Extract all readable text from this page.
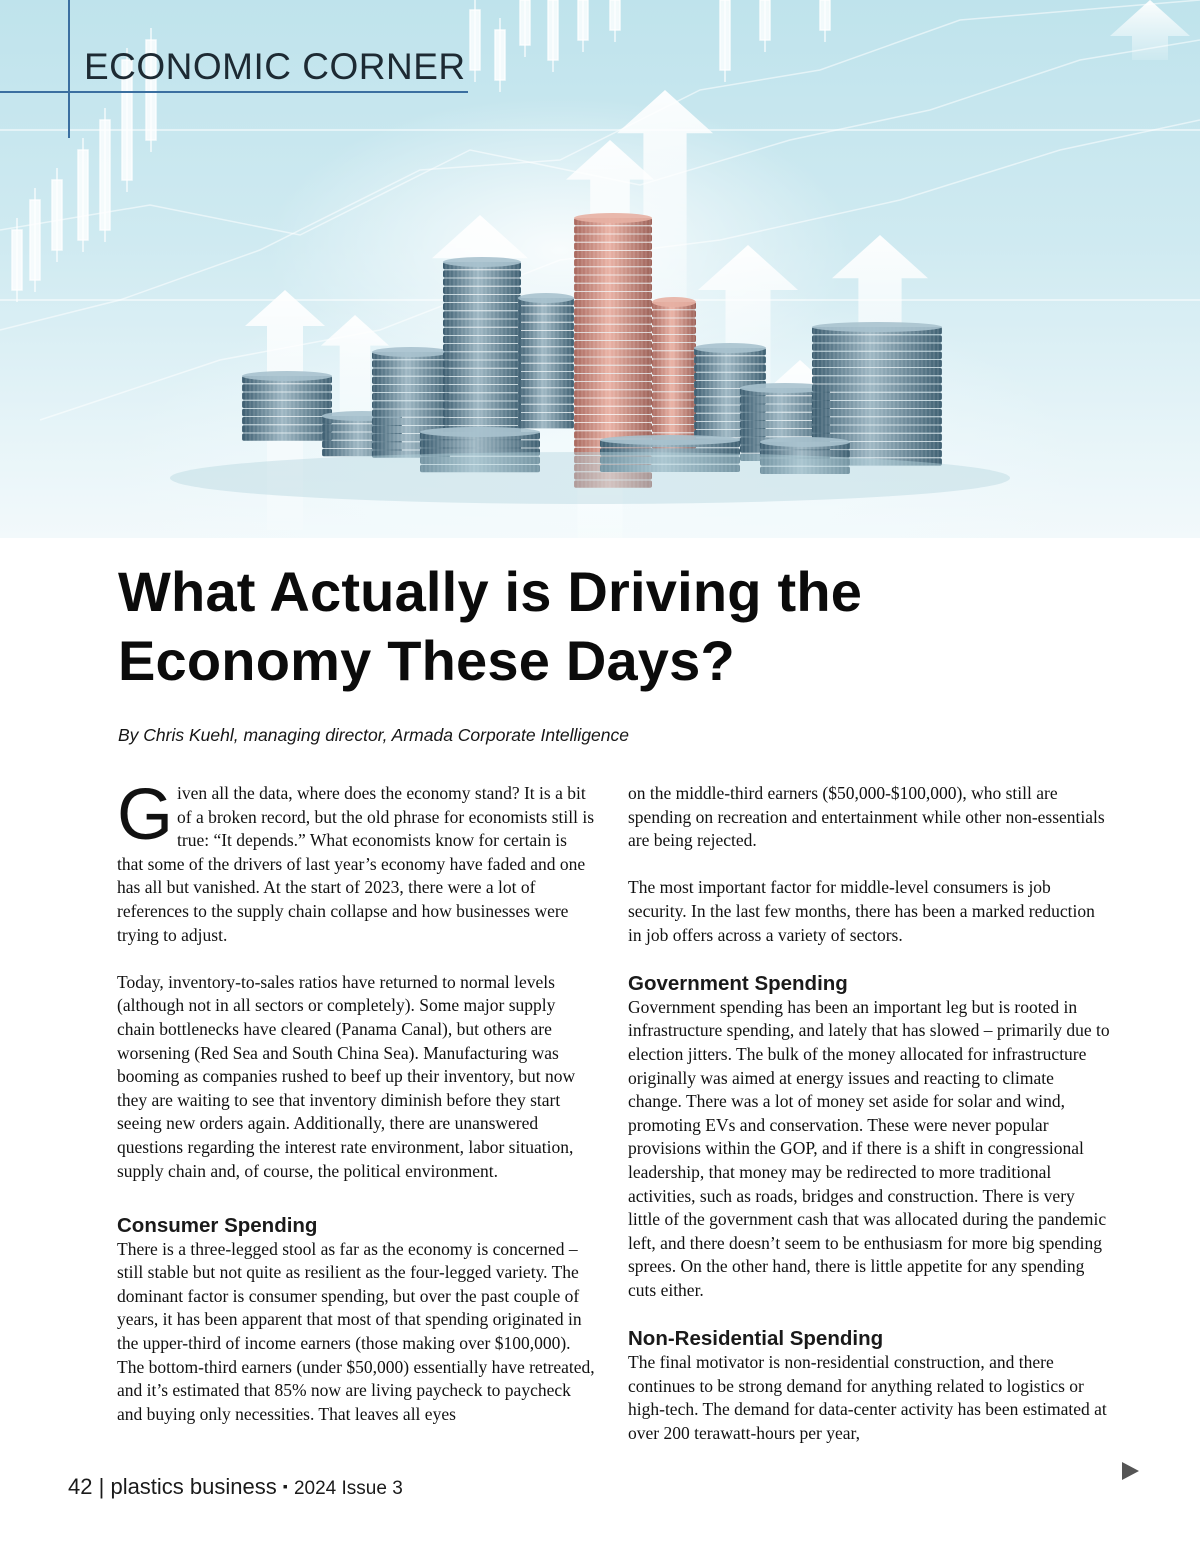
ECONOMIC CORNER
What Actually is Driving the
Economy These Days?

By Chris Kuehl, managing director, Armada Corporate Intelligence

Given all the data, where does the economy stand? It is a bit of a broken record, but the old phrase for economists still is true: “It depends.” What economists know for certain is that some of the drivers of last year’s economy have faded and one has all but vanished. At the start of 2023, there were a lot of references to the supply chain collapse and how businesses were trying to adjust.

Today, inventory-to-sales ratios have returned to normal levels (although not in all sectors or completely). Some major supply chain bottlenecks have cleared (Panama Canal), but others are worsening (Red Sea and South China Sea). Manufacturing was booming as companies rushed to beef up their inventory, but now they are waiting to see that inventory diminish before they start seeing new orders again. Additionally, there are unanswered questions regarding the interest rate environment, labor situation, supply chain and, of course, the political environment.

Consumer Spending

There is a three-legged stool as far as the economy is concerned – still stable but not quite as resilient as the four-legged variety. The dominant factor is consumer spending, but over the past couple of years, it has been apparent that most of that spending originated in the upper-third of income earners (those making over $100,000). The bottom-third earners (under $50,000) essentially have retreated, and it’s estimated that 85% now are living paycheck to paycheck and buying only necessities. That leaves all eyes

on the middle-third earners ($50,000-$100,000), who still are spending on recreation and entertainment while other non-essentials are being rejected.

The most important factor for middle-level consumers is job security. In the last few months, there has been a marked reduction in job offers across a variety of sectors.

Government Spending

Government spending has been an important leg but is rooted in infrastructure spending, and lately that has slowed – primarily due to election jitters. The bulk of the money allocated for infrastructure originally was aimed at energy issues and reacting to climate change. There was a lot of money set aside for solar and wind, promoting EVs and conservation. These were never popular provisions within the GOP, and if there is a shift in congressional leadership, that money may be redirected to more traditional activities, such as roads, bridges and construction. There is very little of the government cash that was allocated during the pandemic left, and there doesn’t seem to be enthusiasm for more big spending sprees. On the other hand, there is little appetite for any spending cuts either.

Non-Residential Spending

The final motivator is non-residential construction, and there continues to be strong demand for anything related to logistics or high-tech. The demand for data-center activity has been estimated at over 200 terawatt-hours per year,

42 | plastics business ▪ 2024 Issue 3
